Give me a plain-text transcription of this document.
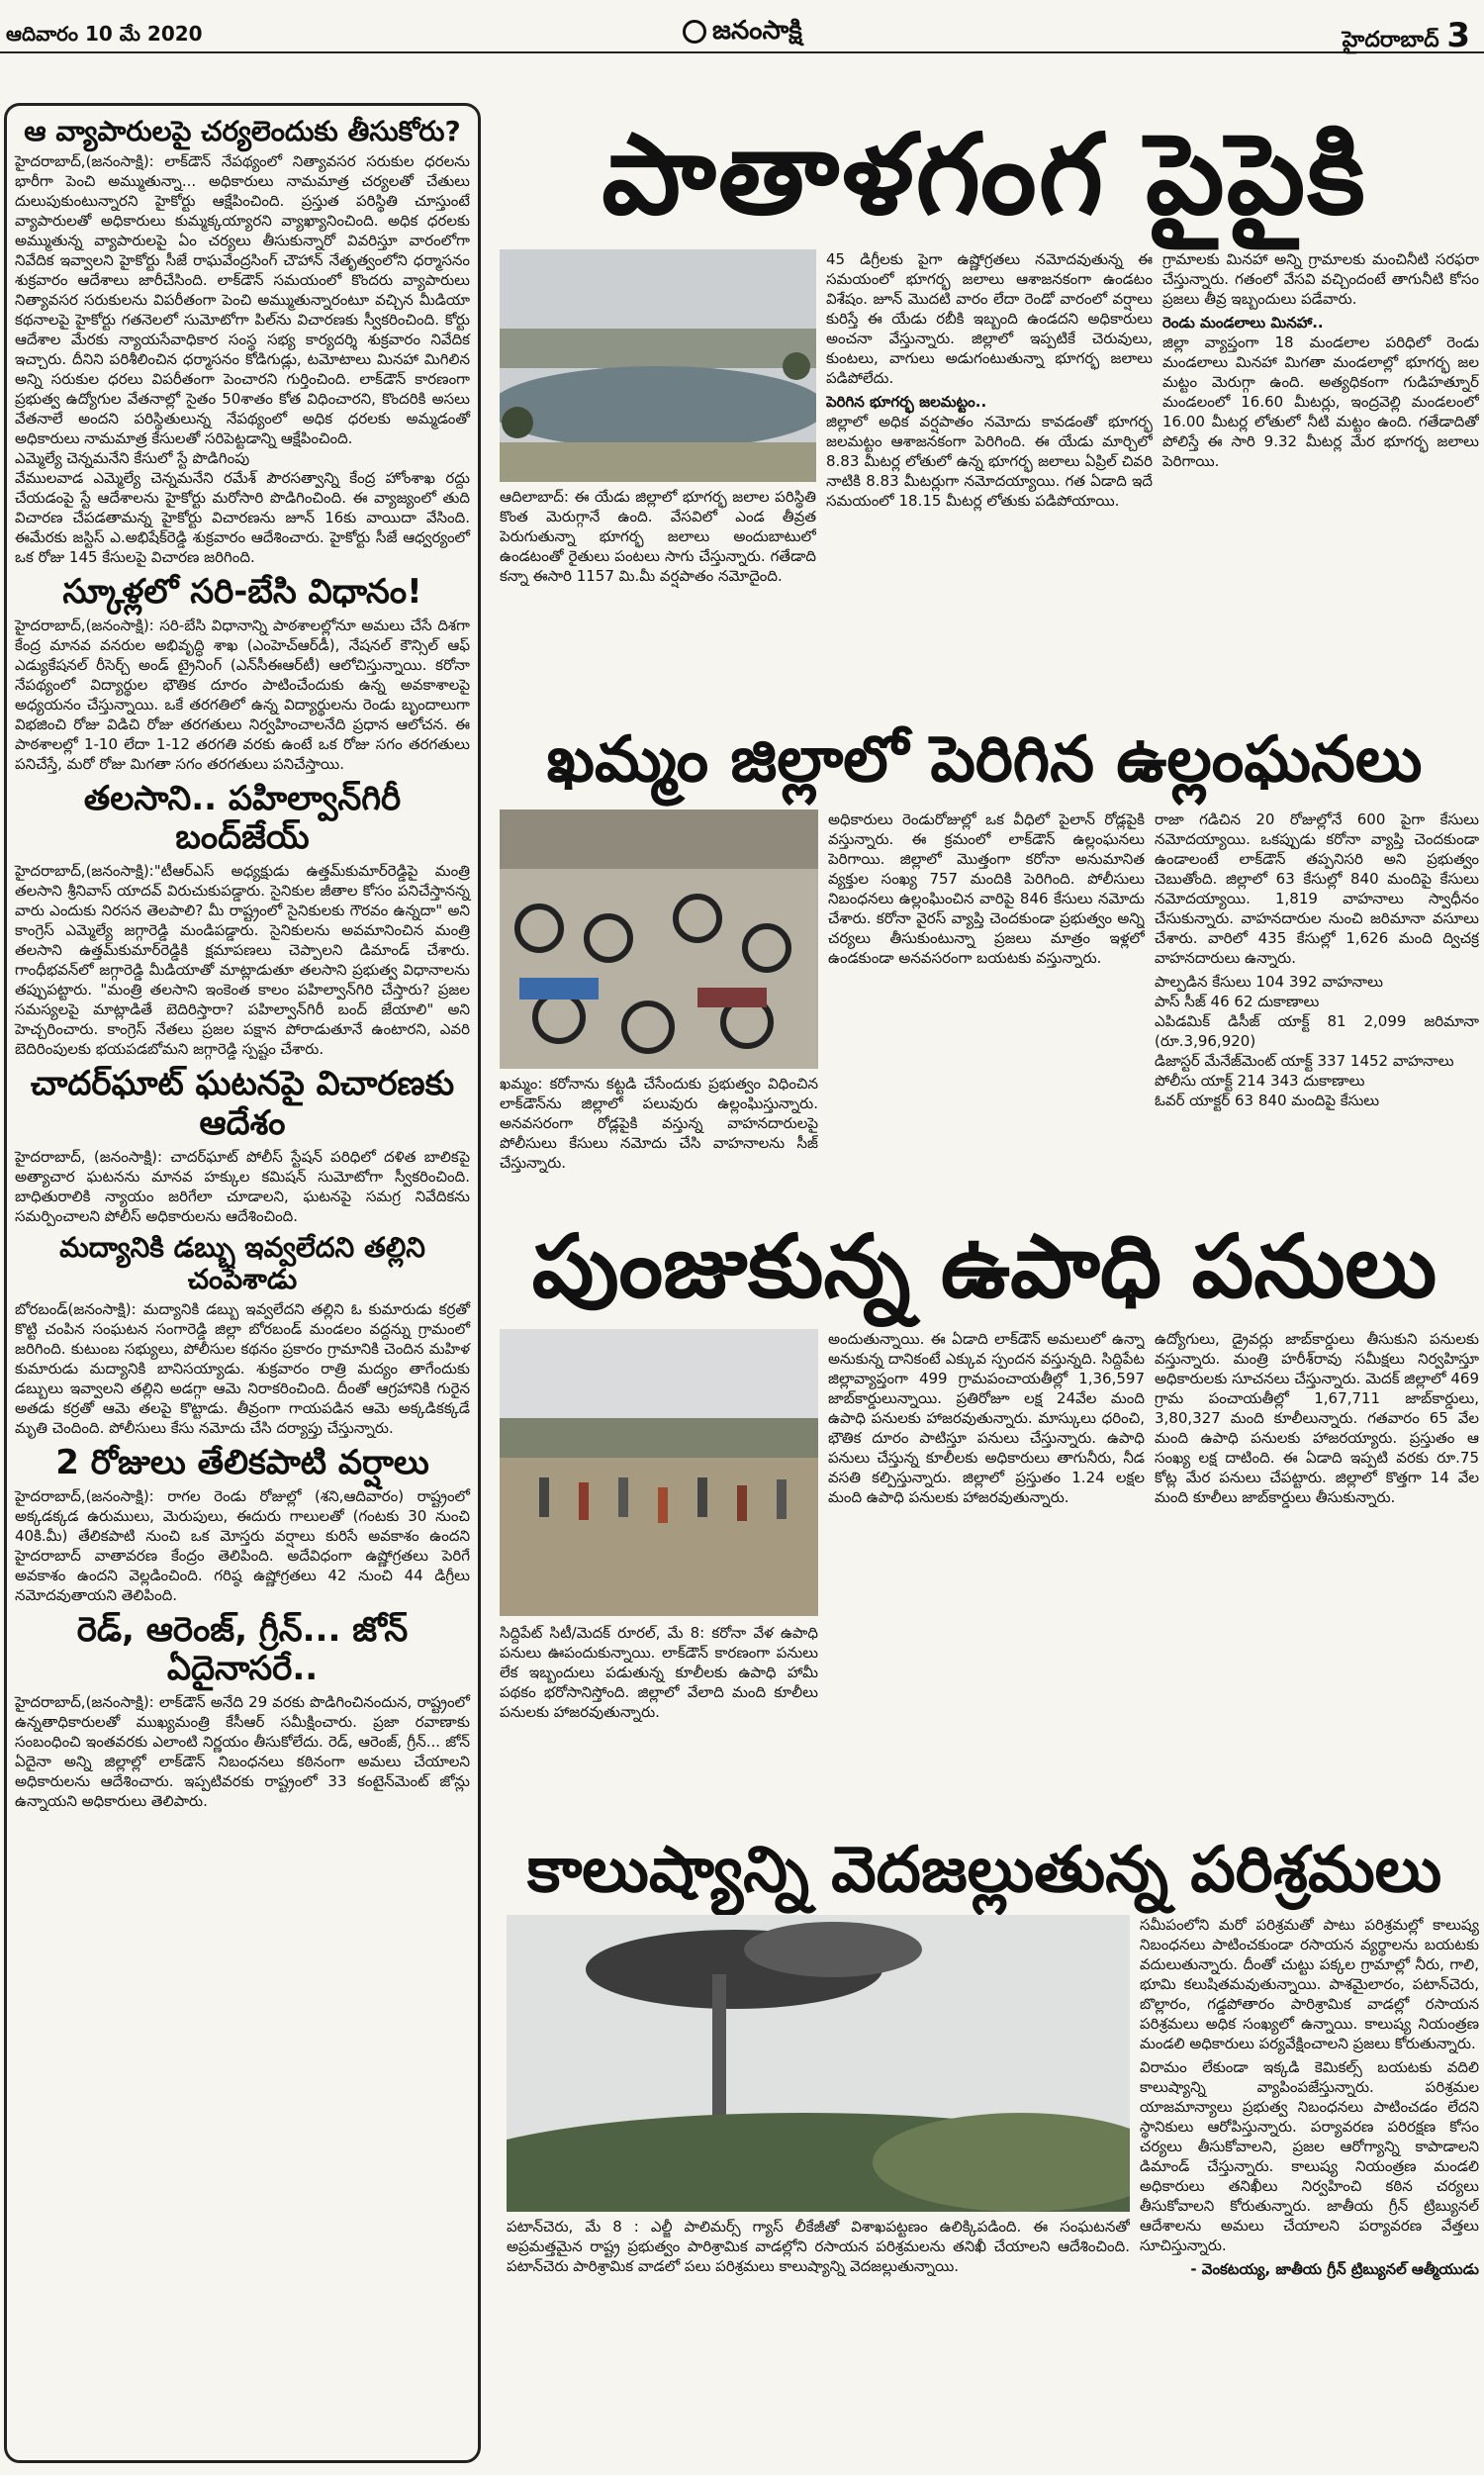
ఆదివారం 10 మే 2020	జనంసాక్షి	హైదరాబాద్ 3
ఆ వ్యాపారులపై చర్యలెందుకు తీసుకోరు?

హైదరాబాద్‌,(జనంసాక్షి): లాక్‌డౌన్‌ నేపథ్యంలో నిత్యావసర సరుకుల ధరలను భారీగా పెంచి అమ్ముతున్నా... అధికారులు నామమాత్ర చర్యలతో చేతులు దులుపుకుంటున్నారని హైకోర్టు ఆక్షేపించింది. ప్రస్తుత పరిస్థితి చూస్తుంటే వ్యాపారులతో అధికారులు కుమ్మక్కయ్యారని వ్యాఖ్యానించింది. అధిక ధరలకు అమ్ముతున్న వ్యాపారులపై ఏం చర్యలు తీసుకున్నారో వివరిస్తూ వారంలోగా నివేదిక ఇవ్వాలని హైకోర్టు సీజే రాఘవేంద్రసింగ్‌ చౌహాన్‌ నేతృత్వంలోని ధర్మాసనం శుక్రవారం ఆదేశాలు జారీచేసింది. లాక్‌డౌన్‌ సమయంలో కొందరు వ్యాపారులు నిత్యావసర సరుకులను విపరీతంగా పెంచి అమ్ముతున్నారంటూ వచ్చిన మీడియా కథనాలపై హైకోర్టు గతనెలలో సుమోటోగా పిల్‌ను విచారణకు స్వీకరించింది. కోర్టు ఆదేశాల మేరకు న్యాయసేవాధికార సంస్థ సభ్య కార్యదర్శి శుక్రవారం నివేదిక ఇచ్చారు. దీనిని పరిశీలించిన ధర్మాసనం కోడిగుడ్లు, టమోటాలు మినహా మిగిలిన అన్ని సరుకుల ధరలు విపరీతంగా పెంచారని గుర్తించింది. లాక్‌డౌన్‌ కారణంగా ప్రభుత్వ ఉద్యోగుల వేతనాల్లో సైతం 50శాతం కోత విధించారని, కొందరికి అసలు వేతనాలే అందని పరిస్థితులున్న నేపథ్యంలో అధిక ధరలకు అమ్మడంతో అధికారులు నామమాత్ర కేసులతో సరిపెట్టడాన్ని ఆక్షేపించింది.
ఎమ్మెల్యే చెన్నమనేని కేసులో స్టే పొడిగింపు
వేములవాడ ఎమ్మెల్యే చెన్నమనేని రమేశ్‌ పౌరసత్వాన్ని కేంద్ర హోంశాఖ రద్దు చేయడంపై స్టే ఆదేశాలను హైకోర్టు మరోసారి పొడిగించింది. ఈ వ్యాజ్యంలో తుది విచారణ చేపడతామన్న హైకోర్టు విచారణను జూన్‌ 16కు వాయిదా వేసింది. ఈమేరకు జస్టిస్‌ ఎ.అభిషేక్‌రెడ్డి శుక్రవారం ఆదేశించారు. హైకోర్టు సీజే ఆధ్వర్యంలో ఒక రోజు 145 కేసులపై విచారణ జరిగింది.

స్కూళ్లలో సరి-బేసి విధానం!

హైదరాబాద్‌,(జనంసాక్షి): సరి-బేసి విధానాన్ని పాఠశాలల్లోనూ అమలు చేసే దిశగా కేంద్ర మానవ వనరుల అభివృద్ధి శాఖ (ఎంహెచ్‌ఆర్‌డీ), నేషనల్‌ కౌన్సిల్‌ ఆఫ్‌ ఎడ్యుకేషనల్‌ రీసెర్చ్‌ అండ్‌ ట్రైనింగ్‌ (ఎన్‌సీఈఆర్‌టీ) ఆలోచిస్తున్నాయి. కరోనా నేపథ్యంలో విద్యార్థుల భౌతిక దూరం పాటించేందుకు ఉన్న అవకాశాలపై అధ్యయనం చేస్తున్నాయి. ఒకే తరగతిలో ఉన్న విద్యార్థులను రెండు బృందాలుగా విభజించి రోజు విడిచి రోజు తరగతులు నిర్వహించాలనేది ప్రధాన ఆలోచన. ఈ పాఠశాలల్లో 1-10 లేదా 1-12 తరగతి వరకు ఉంటే ఒక రోజు సగం తరగతులు పనిచేస్తే, మరో రోజు మిగతా సగం తరగతులు పనిచేస్తాయి.

తలసాని.. పహిల్వాన్‌గిరీ బంద్‌జేయ్‌

హైదరాబాద్‌,(జనంసాక్షి):"టీఆర్‌ఎస్‌ అధ్యక్షుడు ఉత్తమ్‌కుమార్‌రెడ్డిపై మంత్రి తలసాని శ్రీనివాస్‌ యాదవ్‌ విరుచుకుపడ్డారు. సైనికుల జీతాల కోసం పనిచేస్తానన్న వారు ఎందుకు నిరసన తెలపాలి? మీ రాష్ట్రంలో సైనికులకు గౌరవం ఉన్నదా" అని కాంగ్రెస్‌ ఎమ్మెల్యే జగ్గారెడ్డి మండిపడ్డారు. సైనికులను అవమానించిన మంత్రి తలసాని ఉత్తమ్‌కుమార్‌రెడ్డికి క్షమాపణలు చెప్పాలని డిమాండ్‌ చేశారు. గాంధీభవన్‌లో జగ్గారెడ్డి మీడియాతో మాట్లాడుతూ తలసాని ప్రభుత్వ విధానాలను తప్పుపట్టారు. "మంత్రి తలసాని ఇంకెంత కాలం పహిల్వాన్‌గిరి చేస్తారు? ప్రజల సమస్యలపై మాట్లాడితే బెదిరిస్తారా? పహిల్వాన్‌గిరీ బంద్‌ జేయాలి" అని హెచ్చరించారు. కాంగ్రెస్‌ నేతలు ప్రజల పక్షాన పోరాడుతూనే ఉంటారని, ఎవరి బెదిరింపులకు భయపడబోమని జగ్గారెడ్డి స్పష్టం చేశారు.

చాదర్‌ఘాట్‌ ఘటనపై విచారణకు ఆదేశం

హైదరాబాద్‌, (జనంసాక్షి): చాదర్‌ఘాట్‌ పోలీస్‌ స్టేషన్‌ పరిధిలో దళిత బాలికపై అత్యాచార ఘటనను మానవ హక్కుల కమిషన్‌ సుమోటోగా స్వీకరించింది. బాధితురాలికి న్యాయం జరిగేలా చూడాలని, ఘటనపై సమగ్ర నివేదికను సమర్పించాలని పోలీస్‌ అధికారులను ఆదేశించింది.

మద్యానికి డబ్బు ఇవ్వలేదని తల్లిని చంపేశాడు

బోరబండ్‌(జనంసాక్షి): మద్యానికి డబ్బు ఇవ్వలేదని తల్లిని ఓ కుమారుడు కర్రతో కొట్టి చంపిన సంఘటన సంగారెడ్డి జిల్లా బోరబండ్‌ మండలం వద్దన్ను గ్రామంలో జరిగింది. కుటుంబ సభ్యులు, పోలీసుల కథనం ప్రకారం గ్రామానికి చెందిన మహిళ కుమారుడు మద్యానికి బానిసయ్యాడు. శుక్రవారం రాత్రి మద్యం తాగేందుకు డబ్బులు ఇవ్వాలని తల్లిని అడగ్గా ఆమె నిరాకరించింది. దీంతో ఆగ్రహానికి గురైన అతడు కర్రతో ఆమె తలపై కొట్టాడు. తీవ్రంగా గాయపడిన ఆమె అక్కడికక్కడే మృతి చెందింది. పోలీసులు కేసు నమోదు చేసి దర్యాప్తు చేస్తున్నారు.

2 రోజులు తేలికపాటి వర్షాలు

హైదరాబాద్‌,(జనంసాక్షి): రాగల రెండు రోజుల్లో (శని,ఆదివారం) రాష్ట్రంలో అక్కడక్కడ ఉరుములు, మెరుపులు, ఈదురు గాలులతో (గంటకు 30 నుంచి 40కి.మీ) తేలికపాటి నుంచి ఒక మోస్తరు వర్షాలు కురిసే అవకాశం ఉందని హైదరాబాద్‌ వాతావరణ కేంద్రం తెలిపింది. అదేవిధంగా ఉష్ణోగ్రతలు పెరిగే అవకాశం ఉందని వెల్లడించింది. గరిష్ఠ ఉష్ణోగ్రతలు 42 నుంచి 44 డిగ్రీలు నమోదవుతాయని తెలిపింది.

రెడ్‌, ఆరెంజ్‌, గ్రీన్‌... జోన్‌ ఏదైనాసరే..

హైదరాబాద్‌,(జనంసాక్షి): లాక్‌డౌన్‌ అనేది 29 వరకు పొడిగించినందున, రాష్ట్రంలో ఉన్నతాధికారులతో ముఖ్యమంత్రి కేసీఆర్‌ సమీక్షించారు. ప్రజా రవాణాకు సంబంధించి ఇంతవరకు ఎలాంటి నిర్ణయం తీసుకోలేదు. రెడ్‌, ఆరెంజ్‌, గ్రీన్‌... జోన్‌ ఏదైనా అన్ని జిల్లాల్లో లాక్‌డౌన్‌ నిబంధనలు కఠినంగా అమలు చేయాలని అధికారులను ఆదేశించారు. ఇప్పటివరకు రాష్ట్రంలో 33 కంటైన్‌మెంట్‌ జోన్లు ఉన్నాయని అధికారులు తెలిపారు.

పాతాళగంగ పైపైకి
ఆదిలాబాద్‌: ఈ యేడు జిల్లాలో భూగర్భ జలాల పరిస్థితి కొంత మెరుగ్గానే ఉంది. వేసవిలో ఎండ తీవ్రత పెరుగుతున్నా భూగర్భ జలాలు అందుబాటులో ఉండటంతో రైతులు పంటలు సాగు చేస్తున్నారు. గతేడాది కన్నా ఈసారి 1157 మి.మీ వర్షపాతం నమోదైంది.

45 డిగ్రీలకు పైగా ఉష్ణోగ్రతలు నమోదవుతున్న ఈ సమయంలో భూగర్భ జలాలు ఆశాజనకంగా ఉండటం విశేషం. జూన్‌ మొదటి వారం లేదా రెండో వారంలో వర్షాలు కురిస్తే ఈ యేడు రబీకి ఇబ్బంది ఉండదని అధికారులు అంచనా వేస్తున్నారు. జిల్లాలో ఇప్పటికే చెరువులు, కుంటలు, వాగులు అడుగంటుతున్నా భూగర్భ జలాలు పడిపోలేదు.

పెరిగిన భూగర్భ జలమట్టం..

జిల్లాలో అధిక వర్షపాతం నమోదు కావడంతో భూగర్భ జలమట్టం ఆశాజనకంగా పెరిగింది. ఈ యేడు మార్చిలో 8.83 మీటర్ల లోతులో ఉన్న భూగర్భ జలాలు ఏప్రిల్‌ చివరి నాటికి 8.83 మీటర్లుగా నమోదయ్యాయి. గత ఏడాది ఇదే సమయంలో 18.15 మీటర్ల లోతుకు పడిపోయాయి.

గ్రామాలకు మినహా అన్ని గ్రామాలకు మంచినీటి సరఫరా చేస్తున్నారు. గతంలో వేసవి వచ్చిందంటే తాగునీటి కోసం ప్రజలు తీవ్ర ఇబ్బందులు పడేవారు.

రెండు మండలాలు మినహా..

జిల్లా వ్యాప్తంగా 18 మండలాల పరిధిలో రెండు మండలాలు మినహా మిగతా మండలాల్లో భూగర్భ జల మట్టం మెరుగ్గా ఉంది. అత్యధికంగా గుడిహత్నూర్‌ మండలంలో 16.60 మీటర్లు, ఇంద్రవెల్లి మండలంలో 16.00 మీటర్ల లోతులో నీటి మట్టం ఉంది. గతేడాదితో పోలిస్తే ఈ సారి 9.32 మీటర్ల మేర భూగర్భ జలాలు పెరిగాయి.

ఖమ్మం జిల్లాలో పెరిగిన ఉల్లంఘనలు
ఖమ్మం: కరోనాను కట్టడి చేసేందుకు ప్రభుత్వం విధించిన లాక్‌డౌన్‌ను జిల్లాలో పలువురు ఉల్లంఘిస్తున్నారు. అనవసరంగా రోడ్లపైకి వస్తున్న వాహనదారులపై పోలీసులు కేసులు నమోదు చేసి వాహనాలను సీజ్‌ చేస్తున్నారు.

అధికారులు రెండురోజుల్లో ఒక వీధిలో పైలాన్‌ రోడ్లపైకి వస్తున్నారు. ఈ క్రమంలో లాక్‌డౌన్‌ ఉల్లంఘనలు పెరిగాయి. జిల్లాలో మొత్తంగా కరోనా అనుమానిత వ్యక్తుల సంఖ్య 757 మందికి పెరిగింది. పోలీసులు నిబంధనలు ఉల్లంఘించిన వారిపై 846 కేసులు నమోదు చేశారు. కరోనా వైరస్‌ వ్యాప్తి చెందకుండా ప్రభుత్వం అన్ని చర్యలు తీసుకుంటున్నా ప్రజలు మాత్రం ఇళ్లలో ఉండకుండా అనవసరంగా బయటకు వస్తున్నారు.

రాజా గడిచిన 20 రోజుల్లోనే 600 పైగా కేసులు నమోదయ్యాయి. ఒకప్పుడు కరోనా వ్యాప్తి చెందకుండా ఉండాలంటే లాక్‌డౌన్‌ తప్పనిసరి అని ప్రభుత్వం చెబుతోంది. జిల్లాలో 63 కేసుల్లో 840 మందిపై కేసులు నమోదయ్యాయి. 1,819 వాహనాలు స్వాధీనం చేసుకున్నారు. వాహనదారుల నుంచి జరిమానా వసూలు చేశారు. వారిలో 435 కేసుల్లో 1,626 మంది ద్విచక్ర వాహనదారులు ఉన్నారు.

పాల్పడిన కేసులు 104 392 వాహనాలు

పాస్‌ సీజ్‌ 46 62 దుకాణాలు

ఎపిడమిక్‌ డిసీజ్‌ యాక్ట్‌ 81 2,099 జరిమానా (రూ.3,96,920)

డిజాస్టర్‌ మేనేజ్‌మెంట్‌ యాక్ట్‌ 337 1452 వాహనాలు

పోలీసు యాక్ట్‌ 214 343 దుకాణాలు

ఓవర్‌ యాక్టర్‌ 63 840 మందిపై కేసులు

పుంజుకున్న ఉపాధి పనులు
సిద్దిపేట్‌ సిటీ/మెదక్‌ రూరల్‌, మే 8: కరోనా వేళ ఉపాధి పనులు ఊపందుకున్నాయి. లాక్‌డౌన్‌ కారణంగా పనులు లేక ఇబ్బందులు పడుతున్న కూలీలకు ఉపాధి హామీ పథకం భరోసానిస్తోంది. జిల్లాలో వేలాది మంది కూలీలు పనులకు హాజరవుతున్నారు.

అందుతున్నాయి. ఈ ఏడాది లాక్‌డౌన్‌ అమలులో ఉన్నా అనుకున్న దానికంటే ఎక్కువ స్పందన వస్తున్నది. సిద్దిపేట జిల్లావ్యాప్తంగా 499 గ్రామపంచాయతీల్లో 1,36,597 జాబ్‌కార్డులున్నాయి. ప్రతిరోజూ లక్ష 24వేల మంది ఉపాధి పనులకు హాజరవుతున్నారు. మాస్కులు ధరించి, భౌతిక దూరం పాటిస్తూ పనులు చేస్తున్నారు. ఉపాధి పనులు చేస్తున్న కూలీలకు అధికారులు తాగునీరు, నీడ వసతి కల్పిస్తున్నారు. జిల్లాలో ప్రస్తుతం 1.24 లక్షల మంది ఉపాధి పనులకు హాజరవుతున్నారు.

ఉద్యోగులు, డ్రైవర్లు జాబ్‌కార్డులు తీసుకుని పనులకు వస్తున్నారు. మంత్రి హరీశ్‌రావు సమీక్షలు నిర్వహిస్తూ అధికారులకు సూచనలు చేస్తున్నారు. మెదక్‌ జిల్లాలో 469 గ్రామ పంచాయతీల్లో 1,67,711 జాబ్‌కార్డులు, 3,80,327 మంది కూలీలున్నారు. గతవారం 65 వేల మంది ఉపాధి పనులకు హాజరయ్యారు. ప్రస్తుతం ఆ సంఖ్య లక్ష దాటింది. ఈ ఏడాది ఇప్పటి వరకు రూ.75 కోట్ల మేర పనులు చేపట్టారు. జిల్లాలో కొత్తగా 14 వేల మంది కూలీలు జాబ్‌కార్డులు తీసుకున్నారు.

కాలుష్యాన్ని వెదజల్లుతున్న పరిశ్రమలు
పటాన్‌చెరు, మే 8 : ఎల్జీ పాలిమర్స్‌ గ్యాస్‌ లీకేజీతో విశాఖపట్టణం ఉలిక్కిపడింది. ఈ సంఘటనతో అప్రమత్తమైన రాష్ట్ర ప్రభుత్వం పారిశ్రామిక వాడల్లోని రసాయన పరిశ్రమలను తనిఖీ చేయాలని ఆదేశించింది. పటాన్‌చెరు పారిశ్రామిక వాడలో పలు పరిశ్రమలు కాలుష్యాన్ని వెదజల్లుతున్నాయి.

సమీపంలోని మరో పరిశ్రమతో పాటు పరిశ్రమల్లో కాలుష్య నిబంధనలు పాటించకుండా రసాయన వ్యర్థాలను బయటకు వదులుతున్నారు. దీంతో చుట్టు పక్కల గ్రామాల్లో నీరు, గాలి, భూమి కలుషితమవుతున్నాయి. పాశమైలారం, పటాన్‌చెరు, బొల్లారం, గడ్డపోతారం పారిశ్రామిక వాడల్లో రసాయన పరిశ్రమలు అధిక సంఖ్యలో ఉన్నాయి. కాలుష్య నియంత్రణ మండలి అధికారులు పర్యవేక్షించాలని ప్రజలు కోరుతున్నారు.

విరామం లేకుండా ఇక్కడి కెమికల్స్‌ బయటకు వదిలి కాలుష్యాన్ని వ్యాపింపజేస్తున్నారు. పరిశ్రమల యాజమాన్యాలు ప్రభుత్వ నిబంధనలు పాటించడం లేదని స్థానికులు ఆరోపిస్తున్నారు. పర్యావరణ పరిరక్షణ కోసం చర్యలు తీసుకోవాలని, ప్రజల ఆరోగ్యాన్ని కాపాడాలని డిమాండ్‌ చేస్తున్నారు. కాలుష్య నియంత్రణ మండలి అధికారులు తనిఖీలు నిర్వహించి కఠిన చర్యలు తీసుకోవాలని కోరుతున్నారు. జాతీయ గ్రీన్‌ ట్రిబ్యునల్‌ ఆదేశాలను అమలు చేయాలని పర్యావరణ వేత్తలు సూచిస్తున్నారు.

- వెంకటయ్య, జాతీయ గ్రీన్‌ ట్రిబ్యునల్‌ ఆత్మీయుడు
